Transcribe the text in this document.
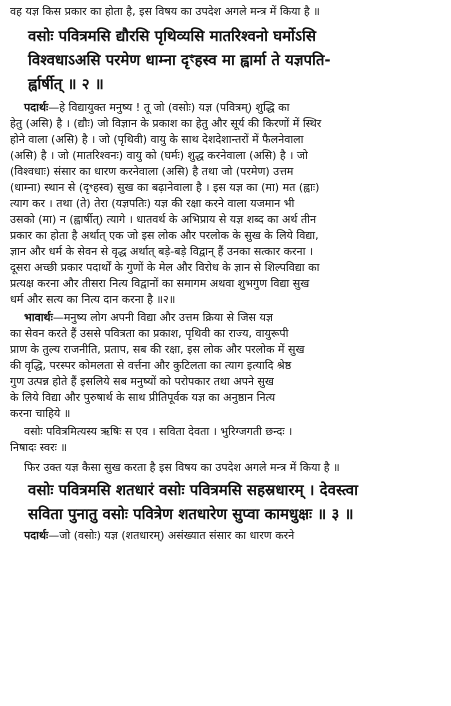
वह यज्ञ किस प्रकार का होता है, इस विषय का उपदेश अगले मन्त्र में किया है ॥
वसोः पवित्रमसि द्यौरसि पृथिव्यसि मातरिश्वनो घर्मोऽसि
विश्वधाऽअसि परमेण धाम्ना दृꣳहस्व मा ह्वार्मा ते यज्ञपति-
र्ह्वार्षीत् ॥ २ ॥
पदार्थः—हे विद्यायुक्त मनुष्य ! तू जो (वसोः) यज्ञ (पवित्रम्) शुद्धि का
हेतु (असि) है । (द्यौः) जो विज्ञान के प्रकाश का हेतु और सूर्य की किरणों में स्थिर
होने वाला (असि) है । जो (पृथिवी) वायु के साथ देशदेशान्तरों में फैलनेवाला
(असि) है । जो (मातरिश्वनः) वायु को (घर्मः) शुद्ध करनेवाला (असि) है । जो
(विश्वधाः) संसार का धारण करनेवाला (असि) है तथा जो (परमेण) उत्तम
(धाम्ना) स्थान से (दृꣳहस्व) सुख का बढ़ानेवाला है । इस यज्ञ का (मा) मत (ह्वाः)
त्याग कर । तथा (ते) तेरा (यज्ञपतिः) यज्ञ की रक्षा करने वाला यजमान भी
उसको (मा) न (ह्वार्षीत्) त्यागे । धातवर्थ के अभिप्राय से यज्ञ शब्द का अर्थ तीन
प्रकार का होता है अर्थात् एक जो इस लोक और परलोक के सुख के लिये विद्या,
ज्ञान और धर्म के सेवन से वृद्ध अर्थात् बड़े-बड़े विद्वान् हैं उनका सत्कार करना ।
दूसरा अच्छी प्रकार पदार्थों के गुणों के मेल और विरोध के ज्ञान से शिल्पविद्या का
प्रत्यक्ष करना और तीसरा नित्य विद्वानों का समागम अथवा शुभगुण विद्या सुख
धर्म और सत्य का नित्य दान करना है ॥२॥
भावार्थः—मनुष्य लोग अपनी विद्या और उत्तम क्रिया से जिस यज्ञ
का सेवन करते हैं उससे पवित्रता का प्रकाश, पृथिवी का राज्य, वायुरूपी
प्राण के तुल्य राजनीति, प्रताप, सब की रक्षा, इस लोक और परलोक में सुख
की वृद्धि, परस्पर कोमलता से वर्त्तना और कुटिलता का त्याग इत्यादि श्रेष्ठ
गुण उत्पन्न होते हैं इसलिये सब मनुष्यों को परोपकार तथा अपने सुख
के लिये विद्या और पुरुषार्थ के साथ प्रीतिपूर्वक यज्ञ का अनुष्ठान नित्य
करना चाहिये ॥
वसोः पवित्रमित्यस्य ऋषिः स एव । सविता देवता । भुरिग्जगती छन्दः ।
निषादः स्वरः ॥
फिर उक्त यज्ञ कैसा सुख करता है इस विषय का उपदेश अगले मन्त्र में किया है ॥
वसोः पवित्रमसि शतधारं वसोः पवित्रमसि सहस्रधारम् । देवस्त्वा
सविता पुनातु वसोः पवित्रेण शतधारेण सुप्वा कामधुक्षः ॥ ३ ॥
पदार्थः—जो (वसोः) यज्ञ (शतधारम्) असंख्यात संसार का धारण करने
